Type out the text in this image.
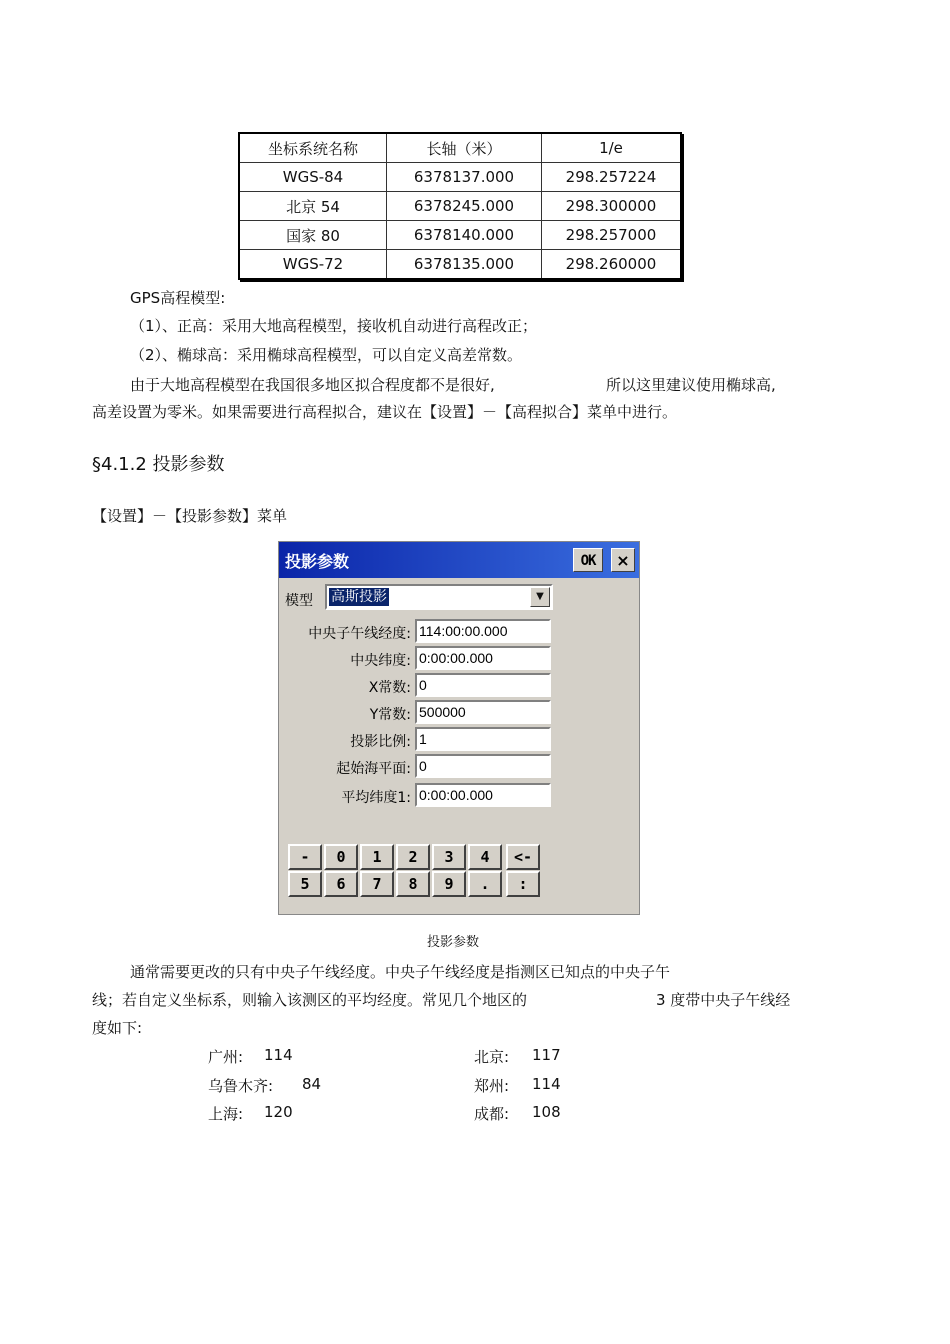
坐标系统名称	长轴（米）	1/e
WGS-84	6378137.000	298.257224
北京 54	6378245.000	298.300000
国家 80	6378140.000	298.257000
WGS-72	6378135.000	298.260000
GPS高程模型:
（1）、正高：采用大地高程模型，接收机自动进行高程改正；
（2）、椭球高：采用椭球高程模型，可以自定义高差常数。
由于大地高程模型在我国很多地区拟合程度都不是很好,	所以这里建议使用椭球高,
高差设置为零米。如果需要进行高程拟合，建议在【设置】－【高程拟合】菜单中进行。
§4.1.2 投影参数
【设置】－【投影参数】菜单
投影参数	OK	×
模型 高斯投影	▼
中央子午线经度: 114:00:00.000
中央纬度: 0:00:00.000
X常数: 0
Y常数: 500000
投影比例: 1
起始海平面: 0
平均纬度1: 0:00:00.000
-	0	1	2	3	4	<-
5	6	7	8	9	.	:
投影参数
通常需要更改的只有中央子午线经度。中央子午线经度是指测区已知点的中央子午
线；若自定义坐标系，则输入该测区的平均经度。常见几个地区的	3 度带中央子午线经
度如下:
广州: 114	北京: 117
乌鲁木齐: 84	郑州: 114
上海: 120	成都: 108
